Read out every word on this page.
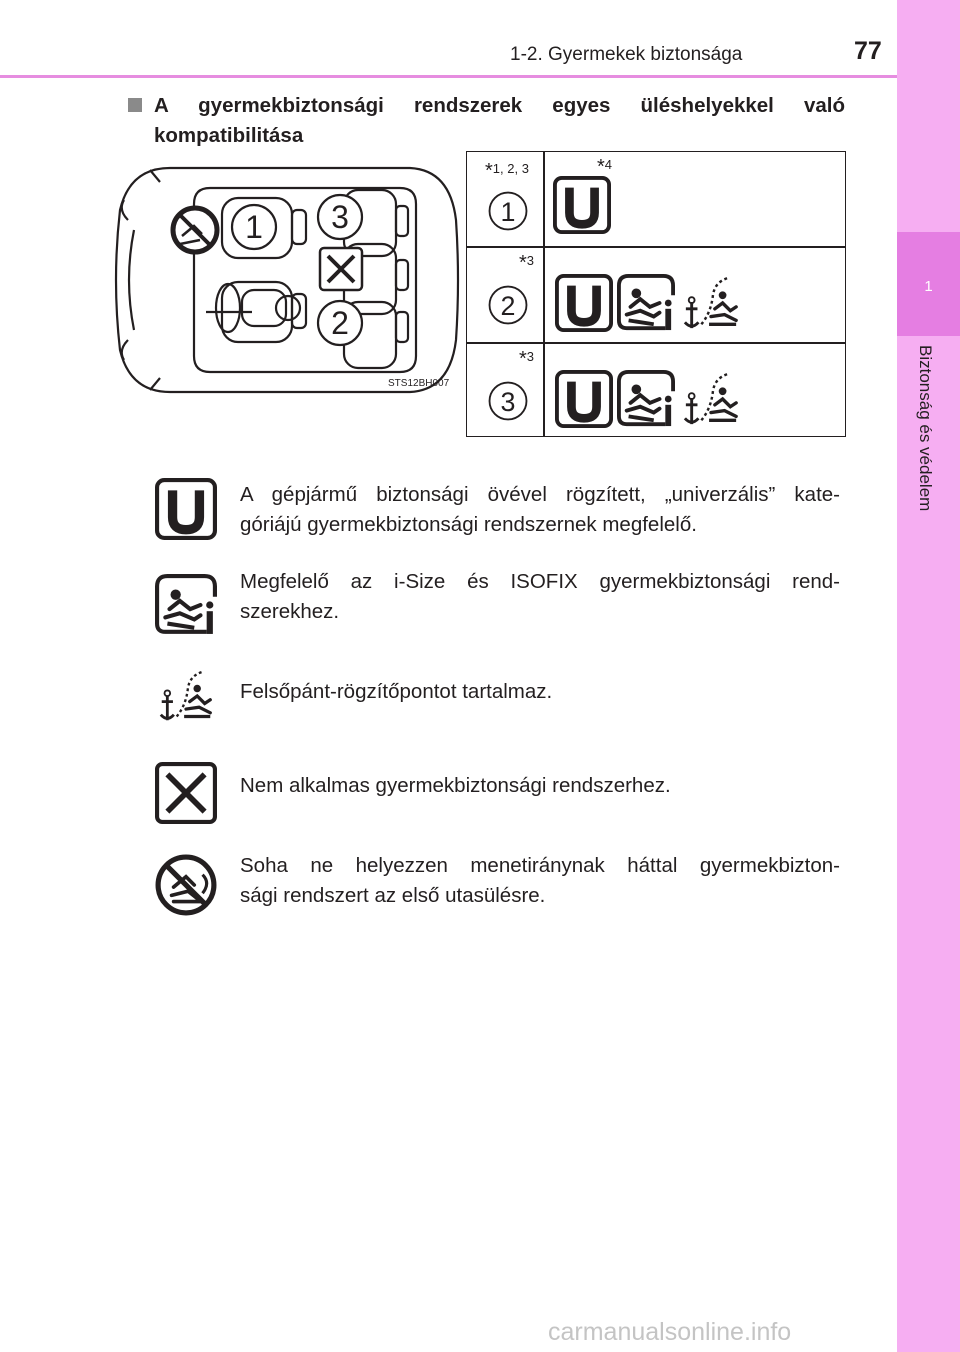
1
Biztonság és védelem
1-2. Gyermekek biztonsága	77
A gyermekbiztonsági rendszerek egyes üléshelyekkel való
kompatibilitása
1 3
2
STS12BH007
*1, 2, 3	*4
1
*3
2
*3
3
A gépjármű biztonsági övével rögzített, „univerzális” kate-
góriájú gyermekbiztonsági rendszernek megfelelő.
Megfelelő az i-Size és ISOFIX gyermekbiztonsági rend-
szerekhez.
Felsőpánt-rögzítőpontot tartalmaz.
Nem alkalmas gyermekbiztonsági rendszerhez.
Soha ne helyezzen menetiránynak háttal gyermekbizton-
sági rendszert az első utasülésre.
carmanualsonline.info
